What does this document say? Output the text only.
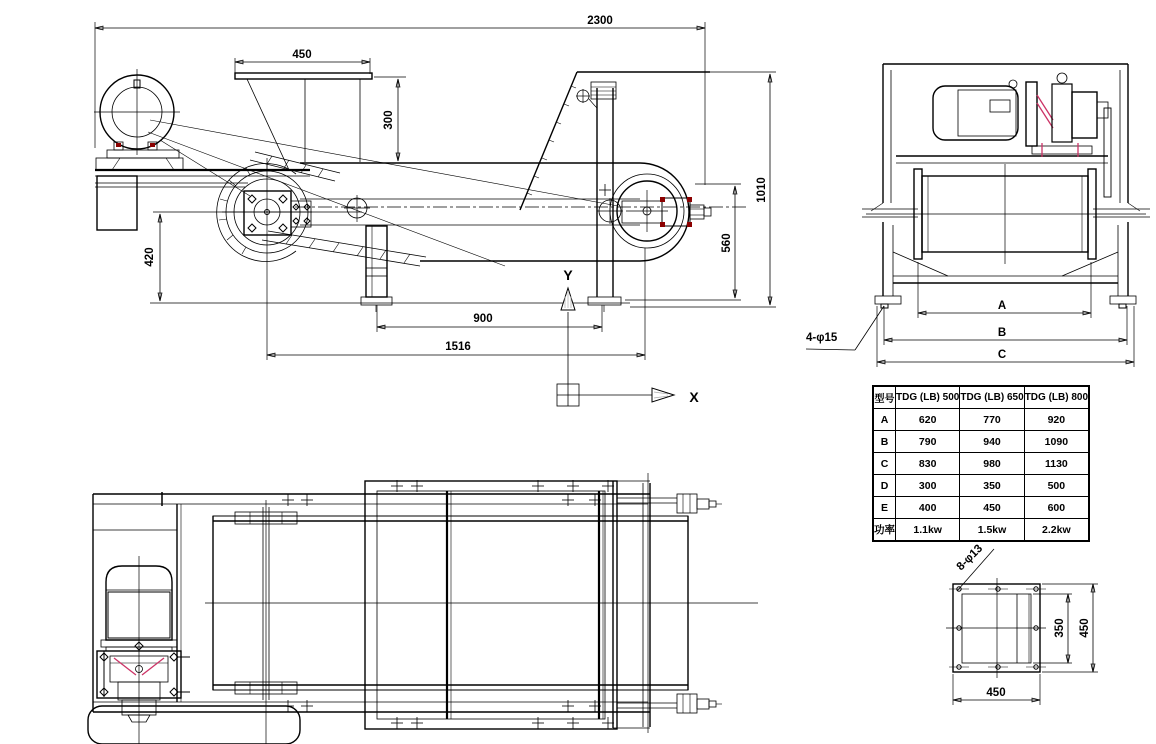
2300
450
300
420
900
1516
560
1010
Y
X
A
B
C
4-φ15
350 450
450
8-φ13
型号	TDG (LB) 500	TDG (LB) 650	TDG (LB) 800
A	620	770	920
B	790	940	1090
C	830	980	1130
D	300	350	500
E	400	450	600
功率	1.1kw	1.5kw	2.2kw
